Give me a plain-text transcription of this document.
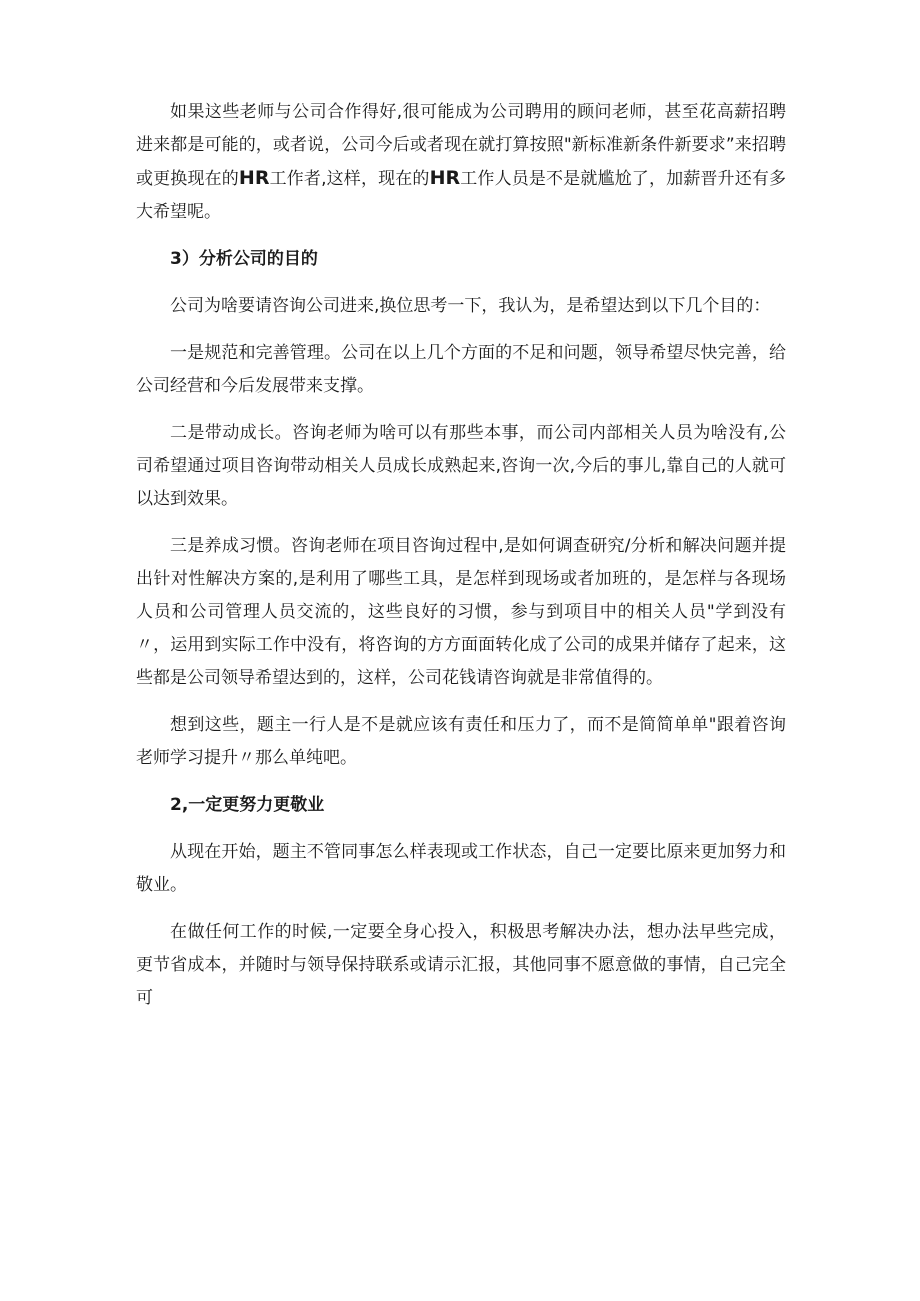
如果这些老师与公司合作得好,很可能成为公司聘用的顾问老师，甚至花高薪招聘进来都是可能的，或者说，公司今后或者现在就打算按照"新标准新条件新要求”来招聘或更换现在的HR工作者,这样，现在的HR工作人员是不是就尴尬了，加薪晋升还有多大希望呢。

3）分析公司的目的

公司为啥要请咨询公司进来,换位思考一下，我认为，是希望达到以下几个目的：

一是规范和完善管理。公司在以上几个方面的不足和问题，领导希望尽快完善，给公司经营和今后发展带来支撑。

二是带动成长。咨询老师为啥可以有那些本事，而公司内部相关人员为啥没有,公司希望通过项目咨询带动相关人员成长成熟起来,咨询一次,今后的事儿,靠自己的人就可以达到效果。

三是养成习惯。咨询老师在项目咨询过程中,是如何调查研究/分析和解决问题并提出针对性解决方案的,是利用了哪些工具，是怎样到现场或者加班的，是怎样与各现场人员和公司管理人员交流的，这些良好的习惯，参与到项目中的相关人员"学到没有〃，运用到实际工作中没有，将咨询的方方面面转化成了公司的成果并储存了起来，这些都是公司领导希望达到的，这样，公司花钱请咨询就是非常值得的。

想到这些，题主一行人是不是就应该有责任和压力了，而不是简简单单"跟着咨询老师学习提升〃那么单纯吧。

2,一定更努力更敬业

从现在开始，题主不管同事怎么样表现或工作状态，自己一定要比原来更加努力和敬业。

在做任何工作的时候,一定要全身心投入，积极思考解决办法，想办法早些完成，更节省成本，并随时与领导保持联系或请示汇报，其他同事不愿意做的事情，自己完全可
